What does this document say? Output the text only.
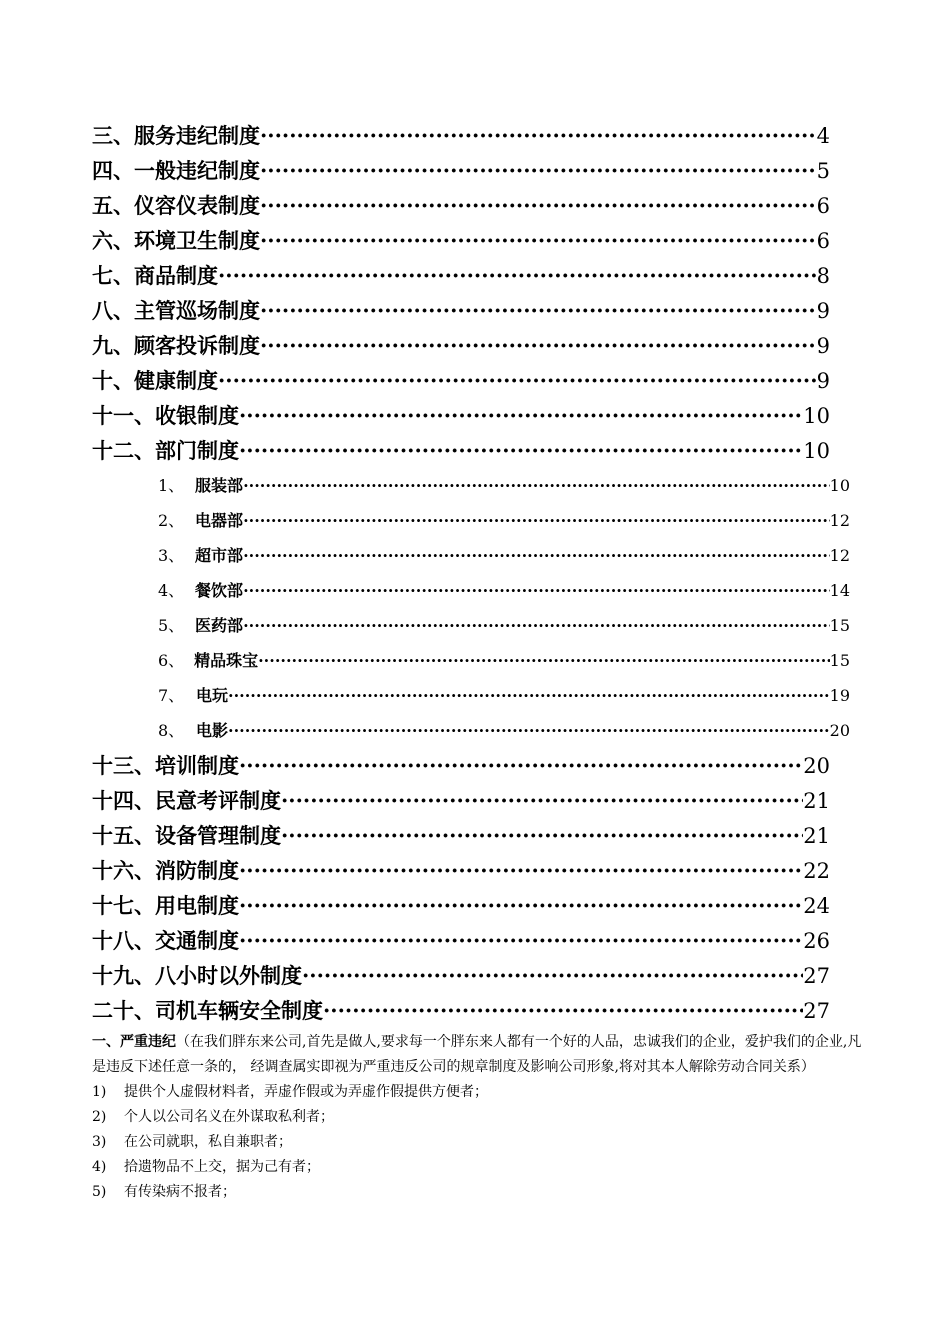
三、服务违纪制度 ·····	4
四、一般违纪制度 ·····	5
五、仪容仪表制度 ·····	6
六、环境卫生制度 ·····	6
七、商品制度 ·····	8
八、主管巡场制度 ·····	9
九、顾客投诉制度 ·····	9
十、健康制度 ·····	9
十一、收银制度 ·····	10
十二、部门制度 ·····	10
1、 服装部 ·····	10
2、 电器部 ·····	12
3、 超市部 ·····	12
4、 餐饮部 ·····	14
5、 医药部 ·····	15
6、 精品珠宝 ·····	15
7、 电玩 ·····	19
8、 电影 ·····	20
十三、培训制度 ·····	20
十四、民意考评制度 ·····	21
十五、设备管理制度 ·····	21
十六、消防制度 ·····	22
十七、用电制度 ·····	24
十八、交通制度 ·····	26
十九、八小时以外制度 ·····	27
二十、司机车辆安全制度 ·····	27

一、严重违纪（在我们胖东来公司,首先是做人,要求每一个胖东来人都有一个好的人品，忠诚我们的企业，爱护我们的企业,凡是违反下述任意一条的， 经调查属实即视为严重违反公司的规章制度及影响公司形象,将对其本人解除劳动合同关系）

1)	提供个人虚假材料者，弄虚作假或为弄虚作假提供方便者；
2)	个人以公司名义在外谋取私利者；
3)	在公司就职，私自兼职者；
4)	拾遗物品不上交，据为己有者；
5)	有传染病不报者；
